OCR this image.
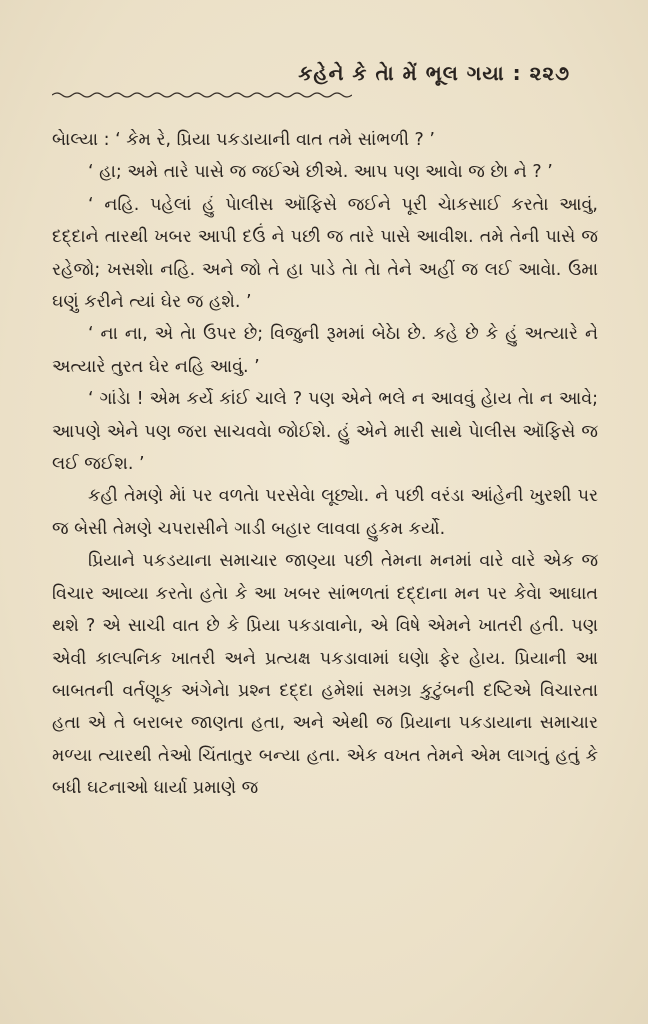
કહેને કે તેા મેં ભૂલ ગયા : ૨૨૭

બેાલ્યા : ‘ કેમ રે, પ્રિયા પકડાયાની વાત તમે સાંભળી ? ’

‘ હા; અમે તારે પાસે જ જઈએ છીએ. આપ પણ આવેા જ છેા ને ? ’

‘ નહિ. પહેલાં હું પેાલીસ ઑફિસે જઈને પૂરી ચેાકસાઈ કરતેા આવું, દદ્દાને તારથી ખબર આપી દઉં ને પછી જ તારે પાસે આવીશ. તમે તેની પાસે જ રહેજો; ખસશેા નહિ. અને જો તે હા પાડે તેા તેા તેને અહીં જ લઈ આવેા. ઉમા ઘણું કરીને ત્યાં ઘેર જ હશે. ’

‘ ના ના, એ તેા ઉપર છે; વિજુની રૂમમાં બેઠેા છે. કહે છે કે હું અત્યારે ને અત્યારે તુરત ઘેર નહિ આવું. ’

‘ ગાંડેા ! એમ કર્યે કાંઈ ચાલે ? પણ એને ભલે ન આવવું હેાય તેા ન આવે; આપણે એને પણ જરા સાચવવેા જોઈશે. હું એને મારી સાથે પેાલીસ ઑફિસે જ લઈ જઈશ. ’

કહી તેમણે મેાં પર વળતેા પરસેવેા લૂછ્યેા. ને પછી વરંડા આંહેની ખુરશી પર જ બેસી તેમણે ચપરાસીને ગાડી બહાર લાવવા હુકમ કર્યો.

પ્રિયાને પકડયાના સમાચાર જાણ્યા પછી તેમના મનમાં વારે વારે એક જ વિચાર આવ્યા કરતેા હતેા કે આ ખબર સાંભળતાં દદ્દાના મન પર કેવેા આઘાત થશે ? એ સાચી વાત છે કે પ્રિયા પકડાવાનેા, એ વિષે એમને ખાતરી હતી. પણ એવી કાલ્પનિક ખાતરી અને પ્રત્યક્ષ પકડાવામાં ઘણેા ફેર હેાય. પ્રિયાની આ બાબતની વર્તણૂક અંગેનેા પ્રશ્ન દદ્દા હમેશાં સમગ્ર કુટુંબની દષ્ટિએ વિચારતા હતા એ તે બરાબર જાણતા હતા, અને એથી જ પ્રિયાના પકડાયાના સમાચાર મળ્યા ત્યારથી તેઓ ચિંતાતુર બન્યા હતા. એક વખત તેમને એમ લાગતું હતું કે બધી ઘટનાઓ ધાર્યા પ્રમાણે જ
